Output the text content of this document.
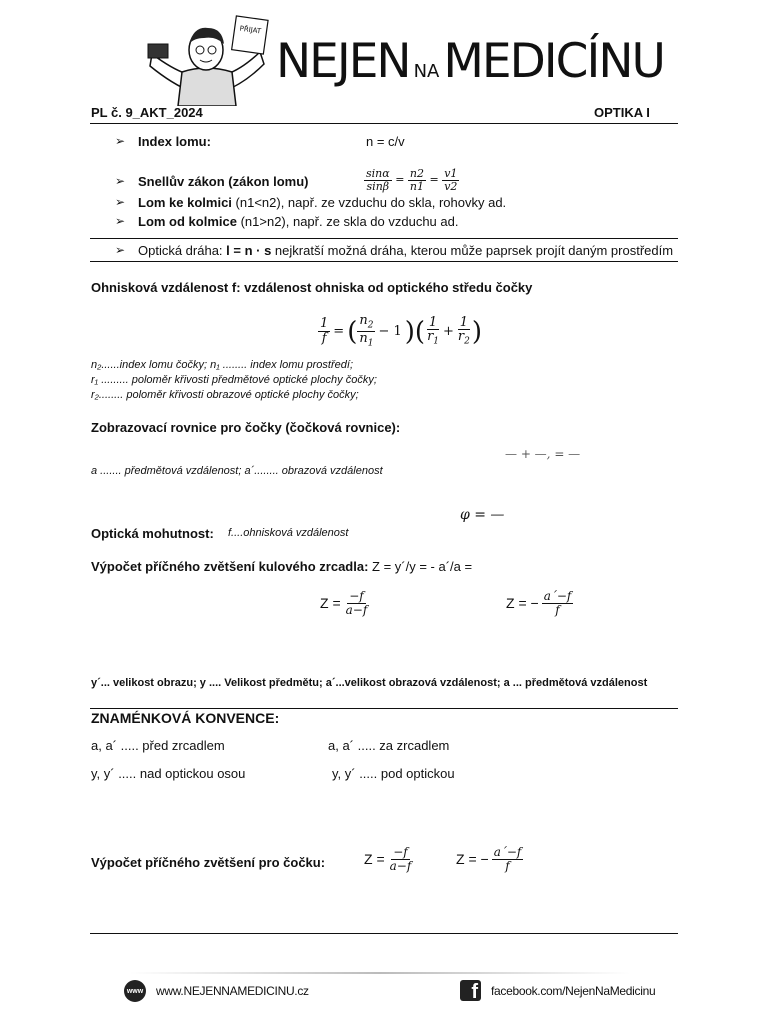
PŘIJAT
NEJEN NAMEDICÍNU
PL č. 9_AKT_2024	OPTIKA I
➢ Index lomu:	n = c/v
➢ Snellův zákon (zákon lomu)	$\frac{\sin\alpha}{\sin\beta} = \frac{n2}{n1} = \frac{v1}{v2}$
➢ Lom ke kolmici (n1<n2), např. ze vzduchu do skla, rohovky ad.
➢ Lom od kolmice (n1>n2), např. ze skla do vzduchu ad.
➢ Optická dráha: l = n · s nejkratší možná dráha, kterou může paprsek projít daným prostředím
Ohnisková vzdálenost f: vzdálenost ohniska od optického středu čočky
$\frac{1}{f}$ = ( $\frac{n_2}{n_1} - 1$ ) ( $\frac{1}{r_1} + \frac{1}{r_2}$ )
n₂......index lomu čočky; n₁ ........ index lomu prostředí;
r₁ ......... poloměr křivosti předmětové optické plochy čočky;
r₂........ poloměr křivosti obrazové optické plochy čočky;
Zobrazovací rovnice pro čočky (čočková rovnice):
— + —, = —
a ....... předmětová vzdálenost; a´........ obrazová vzdálenost
φ = —
Optická mohutnost: f....ohnisková vzdálenost
Výpočet příčného zvětšení kulového zrcadla: Z = y´/y = - a´/a =
$Z = \frac{-f}{a-f}$	Z = − $\frac{a´-f}{f}$
y´... velikost obrazu; y .... Velikost předmětu; a´...velikost obrazová vzdálenost; a ... předmětová vzdálenost
ZNAMÉNKOVÁ KONVENCE:
a, a´ ..... před zrcadlem	a, a´ ..... za zrcadlem
y, y´ ..... nad optickou osou	y, y´ ..... pod optickou
Výpočet příčného zvětšení pro čočku:	$Z = \frac{-f}{a-f}$	Z = − $\frac{a´-f}{f}$
www www.NEJENNAMEDICINU.cz	f facebook.com/NejenNaMedicinu
